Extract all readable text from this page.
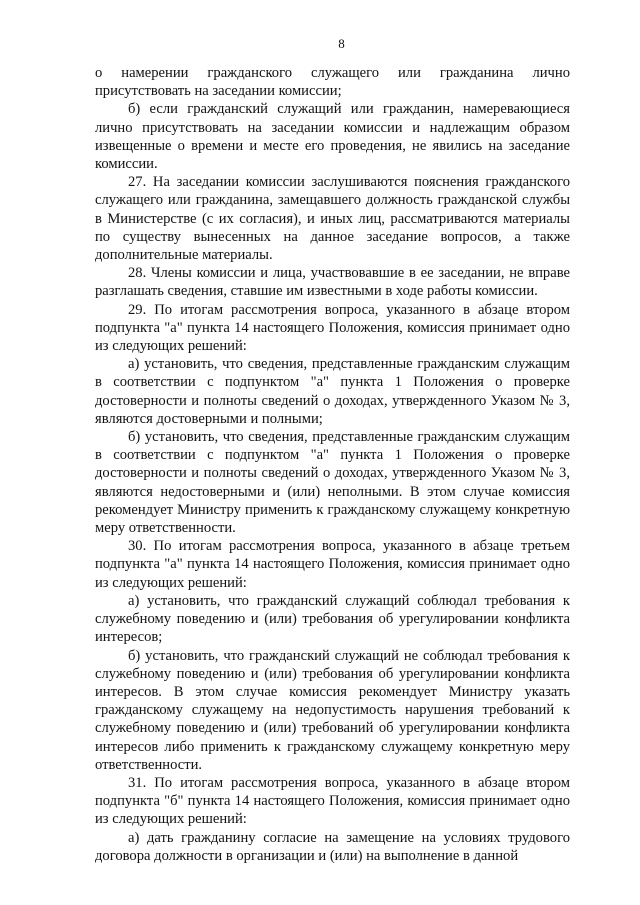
8

о намерении гражданского служащего или гражданина лично присутствовать на заседании комиссии;

б) если гражданский служащий или гражданин, намеревающиеся лично присутствовать на заседании комиссии и надлежащим образом извещенные о времени и месте его проведения, не явились на заседание комиссии.

27. На заседании комиссии заслушиваются пояснения гражданского служащего или гражданина, замещавшего должность гражданской службы в Министерстве (с их согласия), и иных лиц, рассматриваются материалы по существу вынесенных на данное заседание вопросов, а также дополнительные материалы.

28. Члены комиссии и лица, участвовавшие в ее заседании, не вправе разглашать сведения, ставшие им известными в ходе работы комиссии.

29. По итогам рассмотрения вопроса, указанного в абзаце втором подпункта "а" пункта 14 настоящего Положения, комиссия принимает одно из следующих решений:

а) установить, что сведения, представленные гражданским служащим в соответствии с подпунктом "а" пункта 1 Положения о проверке достоверности и полноты сведений о доходах, утвержденного Указом № 3, являются достоверными и полными;

б) установить, что сведения, представленные гражданским служащим в соответствии с подпунктом "а" пункта 1 Положения о проверке достоверности и полноты сведений о доходах, утвержденного Указом № 3, являются недостоверными и (или) неполными. В этом случае комиссия рекомендует Министру применить к гражданскому служащему конкретную меру ответственности.

30. По итогам рассмотрения вопроса, указанного в абзаце третьем подпункта "а" пункта 14 настоящего Положения, комиссия принимает одно из следующих решений:

а) установить, что гражданский служащий соблюдал требования к служебному поведению и (или) требования об урегулировании конфликта интересов;

б) установить, что гражданский служащий не соблюдал требования к служебному поведению и (или) требования об урегулировании конфликта интересов. В этом случае комиссия рекомендует Министру указать гражданскому служащему на недопустимость нарушения требований к служебному поведению и (или) требований об урегулировании конфликта интересов либо применить к гражданскому служащему конкретную меру ответственности.

31. По итогам рассмотрения вопроса, указанного в абзаце втором подпункта "б" пункта 14 настоящего Положения, комиссия принимает одно из следующих решений:

а) дать гражданину согласие на замещение на условиях трудового договора должности в организации и (или) на выполнение в данной
